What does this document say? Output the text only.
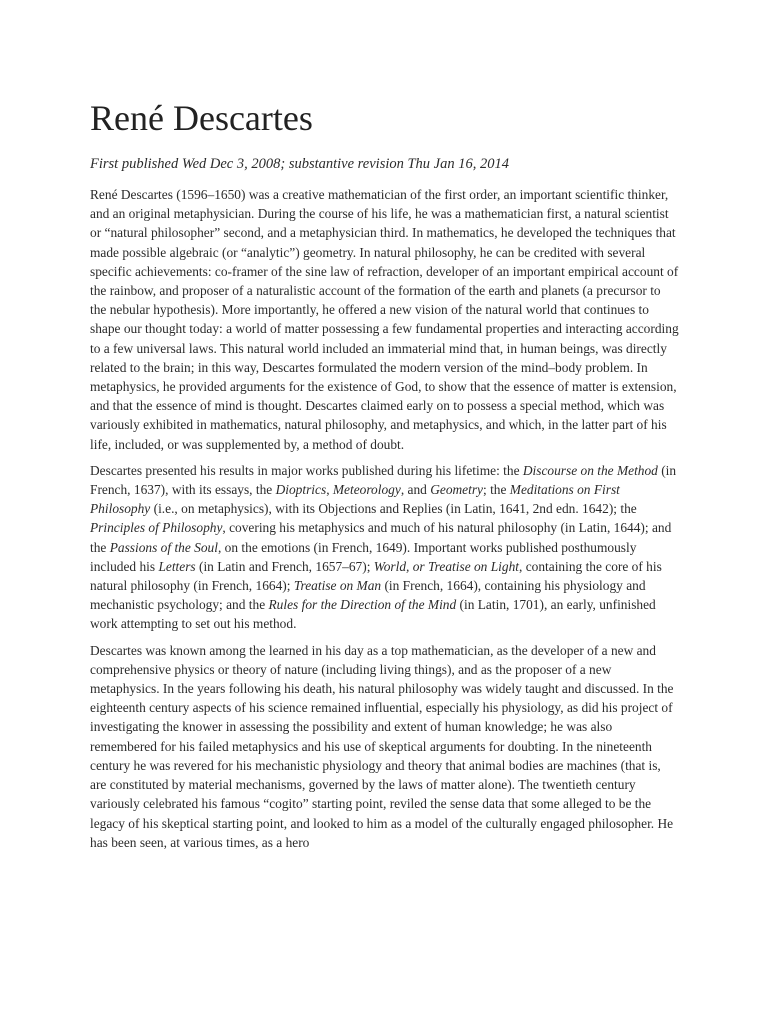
René Descartes

First published Wed Dec 3, 2008; substantive revision Thu Jan 16, 2014

René Descartes (1596–1650) was a creative mathematician of the first order, an important scientific thinker, and an original metaphysician. During the course of his life, he was a mathematician first, a natural scientist or “natural philosopher” second, and a metaphysician third. In mathematics, he developed the techniques that made possible algebraic (or “analytic”) geometry. In natural philosophy, he can be credited with several specific achievements: co-framer of the sine law of refraction, developer of an important empirical account of the rainbow, and proposer of a naturalistic account of the formation of the earth and planets (a precursor to the nebular hypothesis). More importantly, he offered a new vision of the natural world that continues to shape our thought today: a world of matter possessing a few fundamental properties and interacting according to a few universal laws. This natural world included an immaterial mind that, in human beings, was directly related to the brain; in this way, Descartes formulated the modern version of the mind–body problem. In metaphysics, he provided arguments for the existence of God, to show that the essence of matter is extension, and that the essence of mind is thought. Descartes claimed early on to possess a special method, which was variously exhibited in mathematics, natural philosophy, and metaphysics, and which, in the latter part of his life, included, or was supplemented by, a method of doubt.

Descartes presented his results in major works published during his lifetime: the Discourse on the Method (in French, 1637), with its essays, the Dioptrics, Meteorology, and Geometry; the Meditations on First Philosophy (i.e., on metaphysics), with its Objections and Replies (in Latin, 1641, 2nd edn. 1642); the Principles of Philosophy, covering his metaphysics and much of his natural philosophy (in Latin, 1644); and the Passions of the Soul, on the emotions (in French, 1649). Important works published posthumously included his Letters (in Latin and French, 1657–67); World, or Treatise on Light, containing the core of his natural philosophy (in French, 1664); Treatise on Man (in French, 1664), containing his physiology and mechanistic psychology; and the Rules for the Direction of the Mind (in Latin, 1701), an early, unfinished work attempting to set out his method.

Descartes was known among the learned in his day as a top mathematician, as the developer of a new and comprehensive physics or theory of nature (including living things), and as the proposer of a new metaphysics. In the years following his death, his natural philosophy was widely taught and discussed. In the eighteenth century aspects of his science remained influential, especially his physiology, as did his project of investigating the knower in assessing the possibility and extent of human knowledge; he was also remembered for his failed metaphysics and his use of skeptical arguments for doubting. In the nineteenth century he was revered for his mechanistic physiology and theory that animal bodies are machines (that is, are constituted by material mechanisms, governed by the laws of matter alone). The twentieth century variously celebrated his famous “cogito” starting point, reviled the sense data that some alleged to be the legacy of his skeptical starting point, and looked to him as a model of the culturally engaged philosopher. He has been seen, at various times, as a hero
